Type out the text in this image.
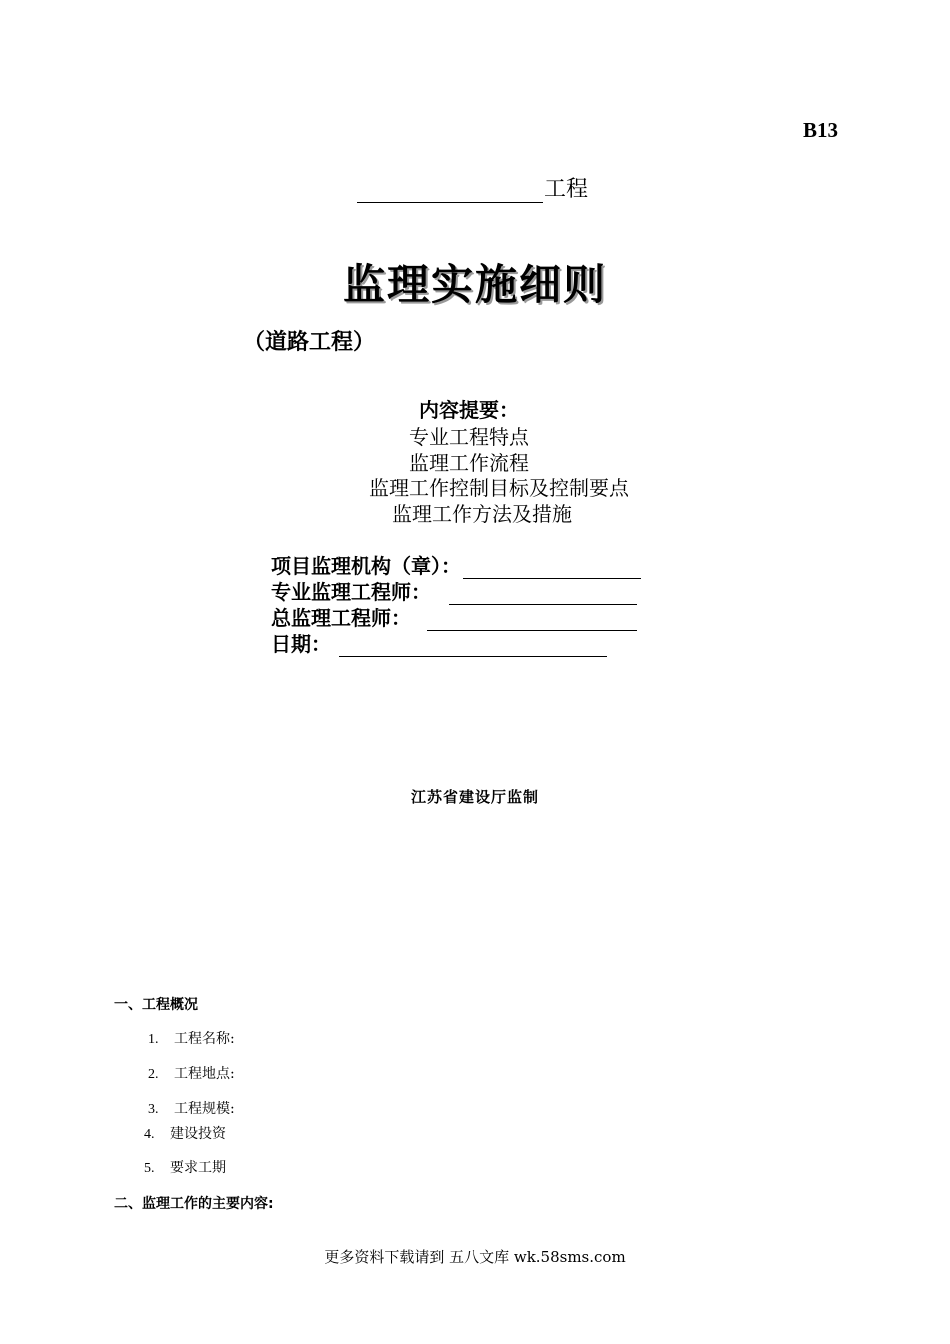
B13
工程
监理实施细则
（道路工程）
内容提要：
专业工程特点
监理工作流程
监理工作控制目标及控制要点
监理工作方法及措施
项目监理机构（章）：
专业监理工程师：
总监理工程师：
日期：
江苏省建设厅监制
一、工程概况
1. 工程名称:
2. 工程地点:
3. 工程规模:
4. 建设投资
5. 要求工期
二、监理工作的主要内容:
更多资料下载请到 五八文库 wk.58sms.com
